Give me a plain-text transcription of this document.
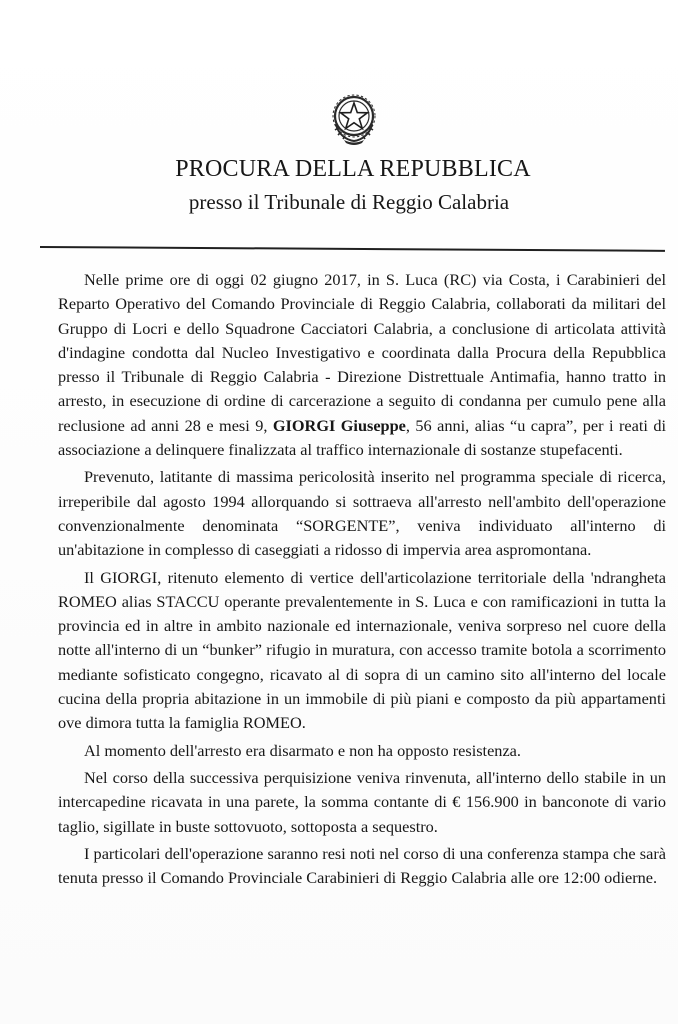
PROCURA DELLA REPUBBLICA
presso il Tribunale di Reggio Calabria

Nelle prime ore di oggi 02 giugno 2017, in S. Luca (RC) via Costa, i Carabinieri del Reparto Operativo del Comando Provinciale di Reggio Calabria, collaborati da militari del Gruppo di Locri e dello Squadrone Cacciatori Calabria, a conclusione di articolata attività d'indagine condotta dal Nucleo Investigativo e coordinata dalla Procura della Repubblica presso il Tribunale di Reggio Calabria - Direzione Distrettuale Antimafia, hanno tratto in arresto, in esecuzione di ordine di carcerazione a seguito di condanna per cumulo pene alla reclusione ad anni 28 e mesi 9, GIORGI Giuseppe, 56 anni, alias “u capra”, per i reati di associazione a delinquere finalizzata al traffico internazionale di sostanze stupefacenti.

Prevenuto, latitante di massima pericolosità inserito nel programma speciale di ricerca, irreperibile dal agosto 1994 allorquando si sottraeva all'arresto nell'ambito dell'operazione convenzionalmente denominata “SORGENTE”, veniva individuato all'interno di un'abitazione in complesso di caseggiati a ridosso di impervia area aspromontana.

Il GIORGI, ritenuto elemento di vertice dell'articolazione territoriale della 'ndrangheta ROMEO alias STACCU operante prevalentemente in S. Luca e con ramificazioni in tutta la provincia ed in altre in ambito nazionale ed internazionale, veniva sorpreso nel cuore della notte all'interno di un “bunker” rifugio in muratura, con accesso tramite botola a scorrimento mediante sofisticato congegno, ricavato al di sopra di un camino sito all'interno del locale cucina della propria abitazione in un immobile di più piani e composto da più appartamenti ove dimora tutta la famiglia ROMEO.

Al momento dell'arresto era disarmato e non ha opposto resistenza.

Nel corso della successiva perquisizione veniva rinvenuta, all'interno dello stabile in un intercapedine ricavata in una parete, la somma contante di € 156.900 in banconote di vario taglio, sigillate in buste sottovuoto, sottoposta a sequestro.

I particolari dell'operazione saranno resi noti nel corso di una conferenza stampa che sarà tenuta presso il Comando Provinciale Carabinieri di Reggio Calabria alle ore 12:00 odierne.
